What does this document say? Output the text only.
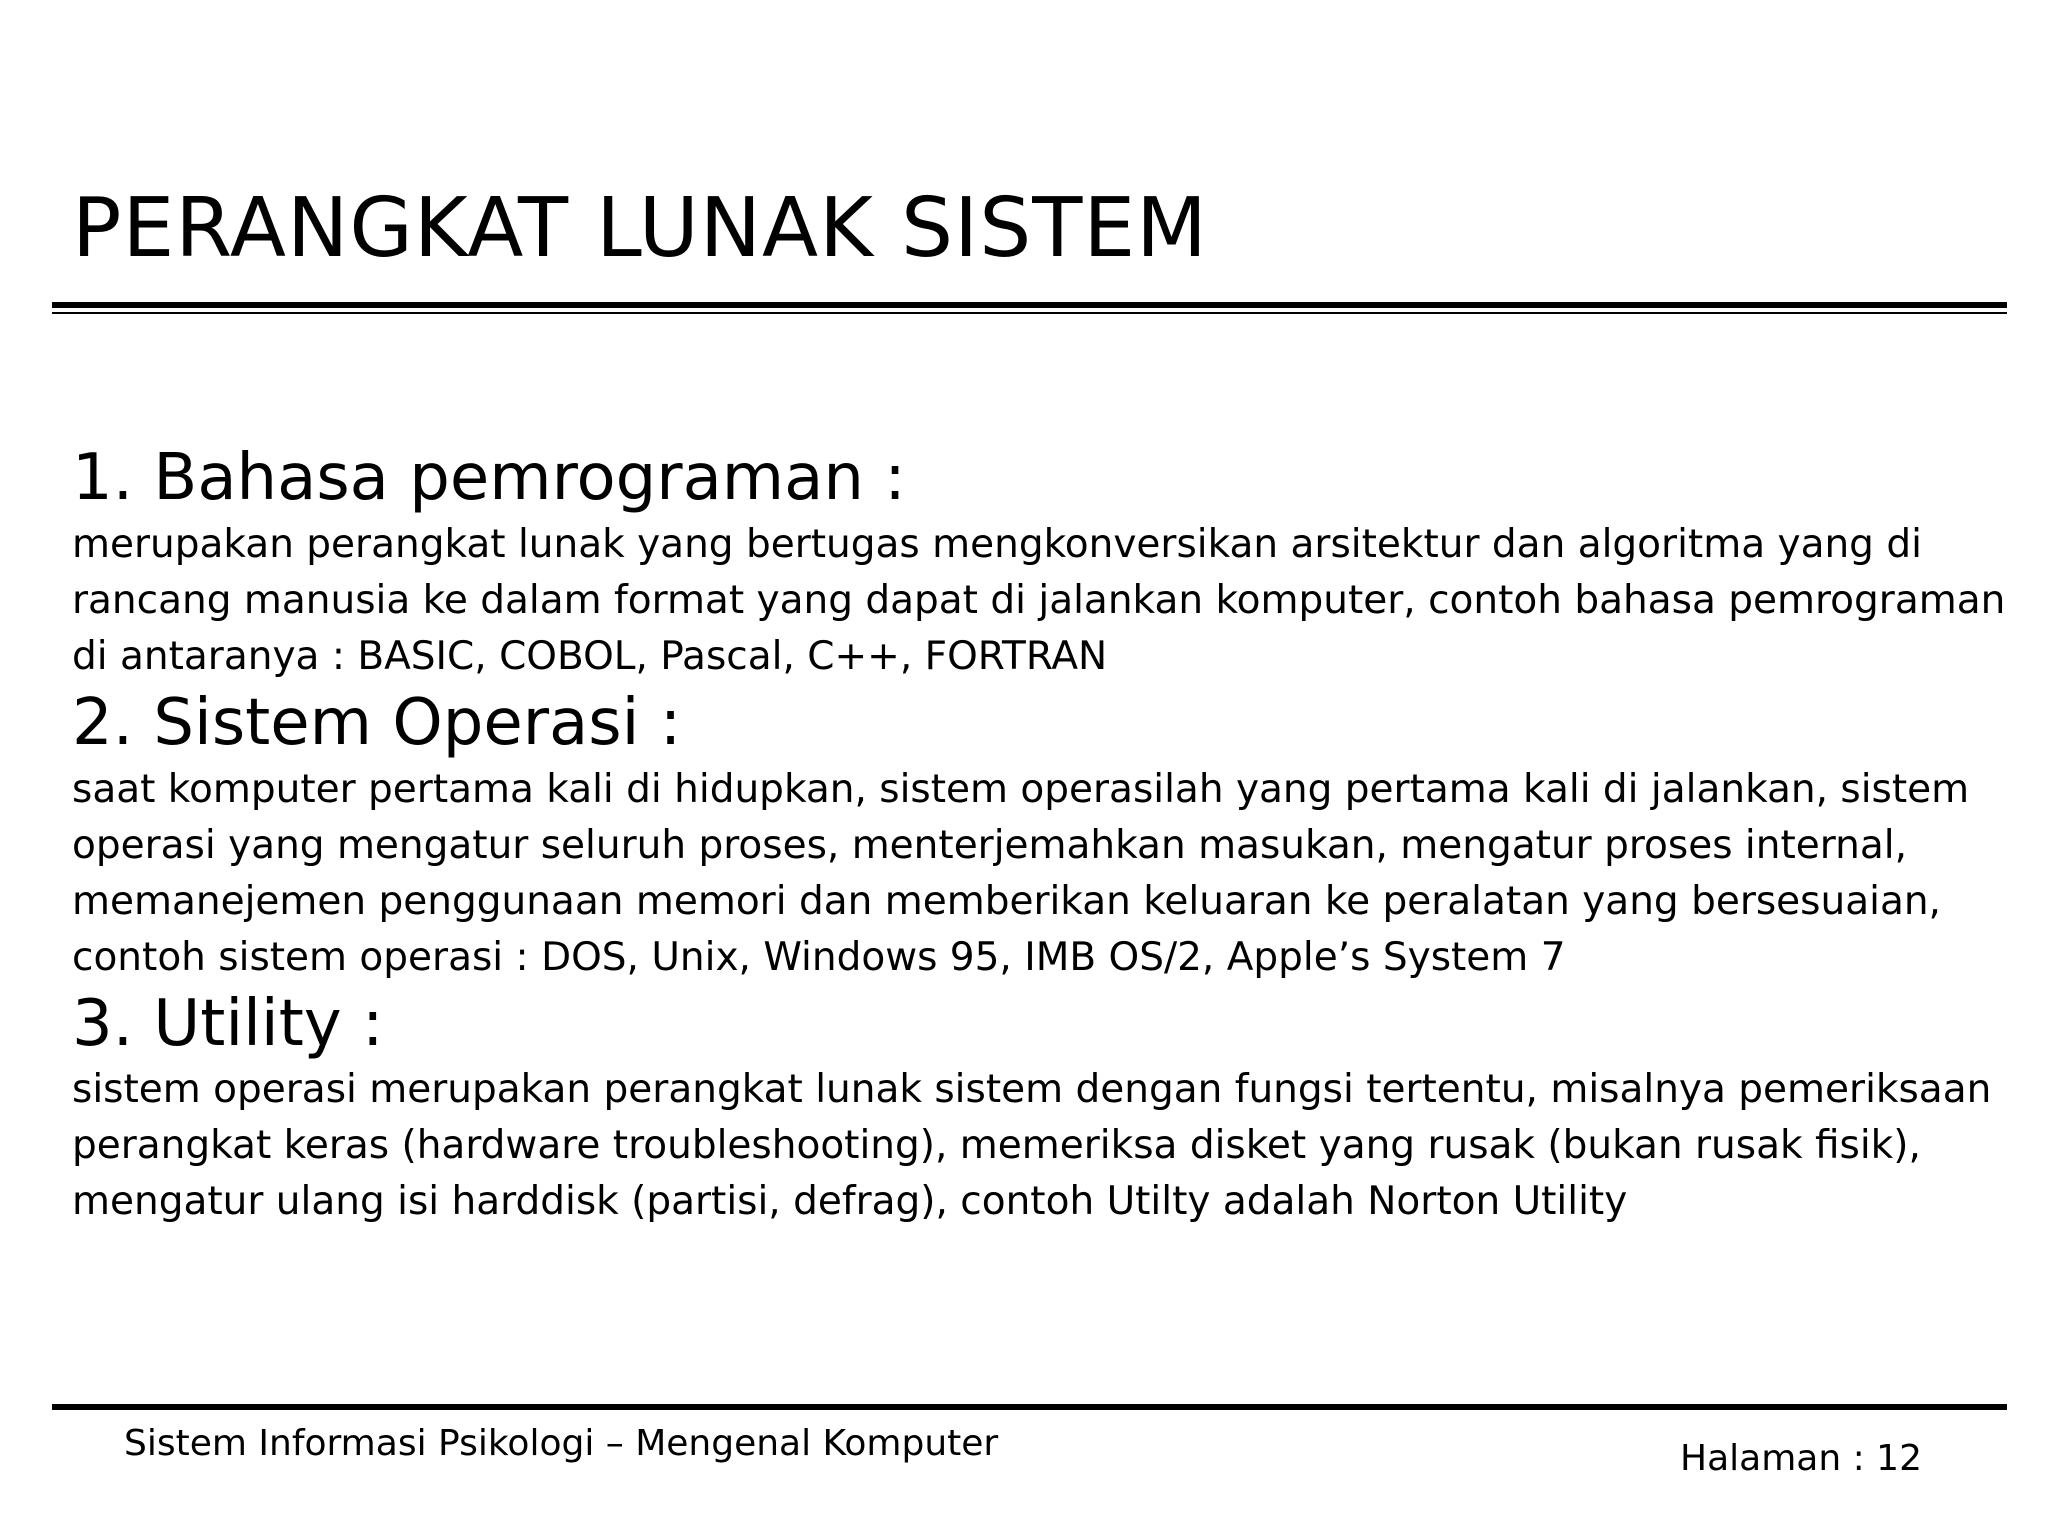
PERANGKAT LUNAK SISTEM
1. Bahasa pemrograman :

merupakan perangkat lunak yang bertugas mengkonversikan arsitektur dan algoritma yang di rancang manusia ke dalam format yang dapat di jalankan komputer, contoh bahasa pemrograman di antaranya : BASIC, COBOL, Pascal, C++, FORTRAN

2. Sistem Operasi :

saat komputer pertama kali di hidupkan, sistem operasilah yang pertama kali di jalankan, sistem operasi yang mengatur seluruh proses, menterjemahkan masukan, mengatur proses internal, memanejemen penggunaan memori dan memberikan keluaran ke peralatan yang bersesuaian, contoh sistem operasi : DOS, Unix, Windows 95, IMB OS/2, Apple’s System 7

3. Utility :

sistem operasi merupakan perangkat lunak sistem dengan fungsi tertentu, misalnya pemeriksaan perangkat keras (hardware troubleshooting), memeriksa disket yang rusak (bukan rusak fisik), mengatur ulang isi harddisk (partisi, defrag), contoh Utilty adalah Norton Utility

Sistem Informasi Psikologi – Mengenal Komputer	Halaman : 12
